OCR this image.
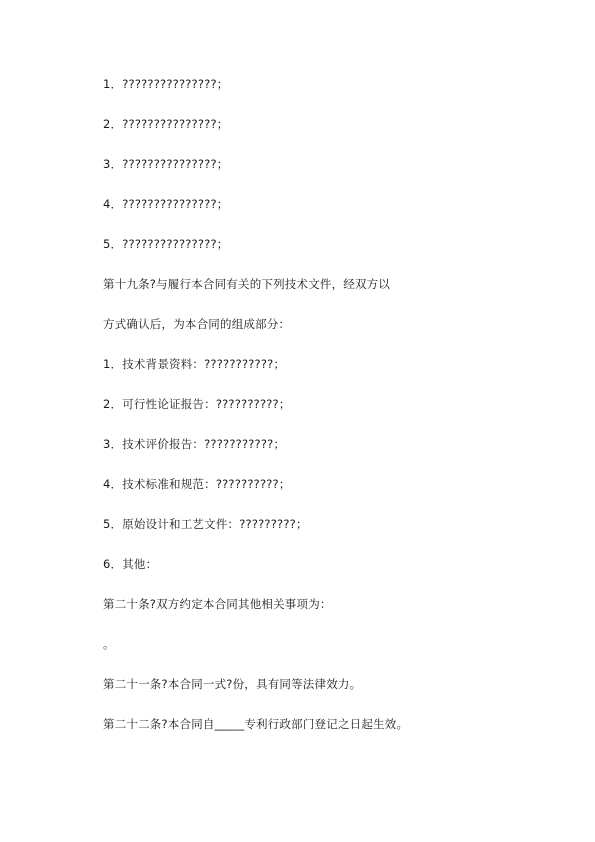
1．???????????????；
2．???????????????；
3．???????????????；
4．???????????????；
5．???????????????；
第十九条?与履行本合同有关的下列技术文件，经双方以
方式确认后，为本合同的组成部分：
1．技术背景资料：???????????；
2．可行性论证报告：??????????；
3．技术评价报告：???????????；
4．技术标准和规范：??????????；
5．原始设计和工艺文件：?????????；
6．其他：
第二十条?双方约定本合同其他相关事项为：
。
第二十一条?本合同一式?份，具有同等法律效力。
第二十二条?本合同自_____专利行政部门登记之日起生效。
